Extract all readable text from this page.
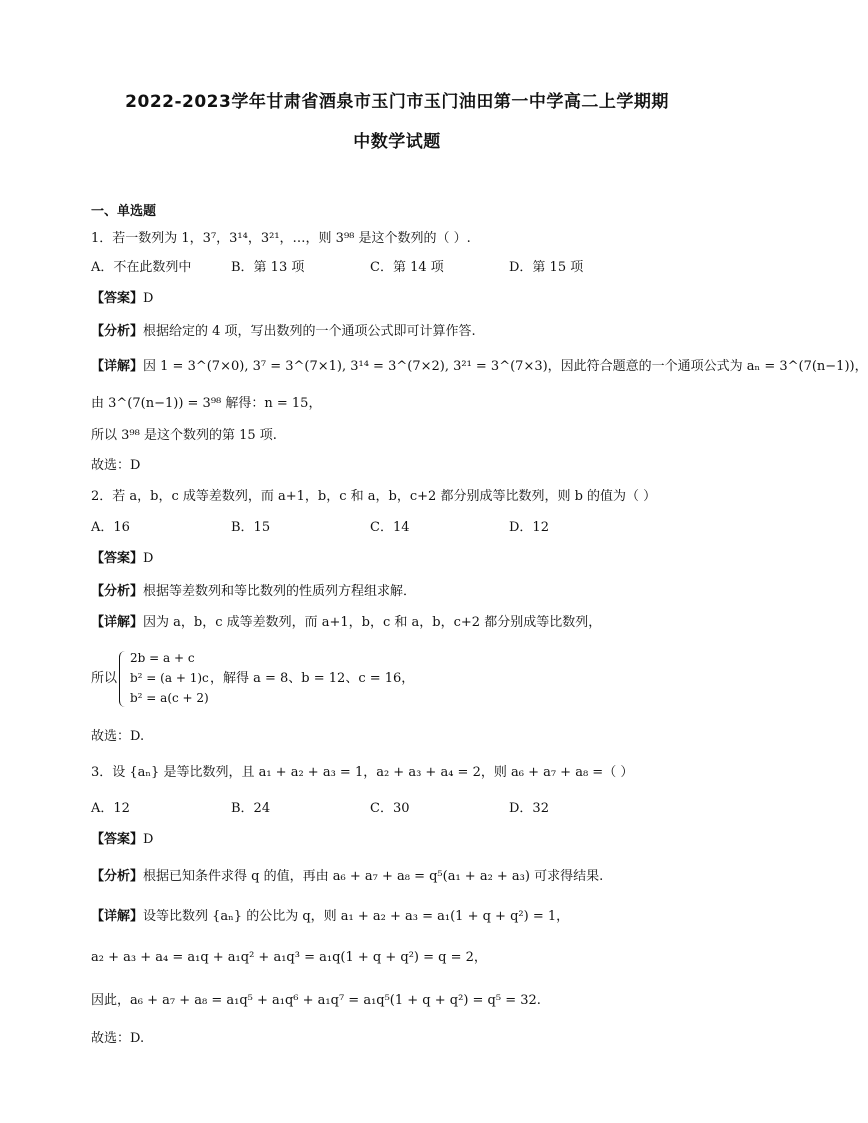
2022-2023学年甘肃省酒泉市玉门市玉门油田第一中学高二上学期期
中数学试题
一、单选题
1．若一数列为 1，3⁷，3¹⁴，3²¹，…，则 3⁹⁸ 是这个数列的（ ）.
A．不在此数列中	B．第 13 项	C．第 14 项	D．第 15 项
【答案】D
【分析】根据给定的 4 项，写出数列的一个通项公式即可计算作答.
【详解】因 1 = 3^(7×0), 3⁷ = 3^(7×1), 3¹⁴ = 3^(7×2), 3²¹ = 3^(7×3)，因此符合题意的一个通项公式为 aₙ = 3^(7(n−1))，
由 3^(7(n−1)) = 3⁹⁸ 解得：n = 15，
所以 3⁹⁸ 是这个数列的第 15 项.
故选：D
2．若 a，b，c 成等差数列，而 a+1，b，c 和 a，b，c+2 都分别成等比数列，则 b 的值为（ ）
A．16	B．15	C．14	D．12
【答案】D
【分析】根据等差数列和等比数列的性质列方程组求解．
【详解】因为 a，b，c 成等差数列，而 a+1，b，c 和 a，b，c+2 都分别成等比数列，
所以
2b = a + c
b² = (a + 1)c
b² = a(c + 2)
，解得 a = 8、b = 12、c = 16，
故选：D.
3．设 {aₙ} 是等比数列，且 a₁ + a₂ + a₃ = 1，a₂ + a₃ + a₄ = 2，则 a₆ + a₇ + a₈ =（ ）
A．12	B．24	C．30	D．32
【答案】D
【分析】根据已知条件求得 q 的值，再由 a₆ + a₇ + a₈ = q⁵(a₁ + a₂ + a₃) 可求得结果.
【详解】设等比数列 {aₙ} 的公比为 q，则 a₁ + a₂ + a₃ = a₁(1 + q + q²) = 1，
a₂ + a₃ + a₄ = a₁q + a₁q² + a₁q³ = a₁q(1 + q + q²) = q = 2，
因此，a₆ + a₇ + a₈ = a₁q⁵ + a₁q⁶ + a₁q⁷ = a₁q⁵(1 + q + q²) = q⁵ = 32.
故选：D.
